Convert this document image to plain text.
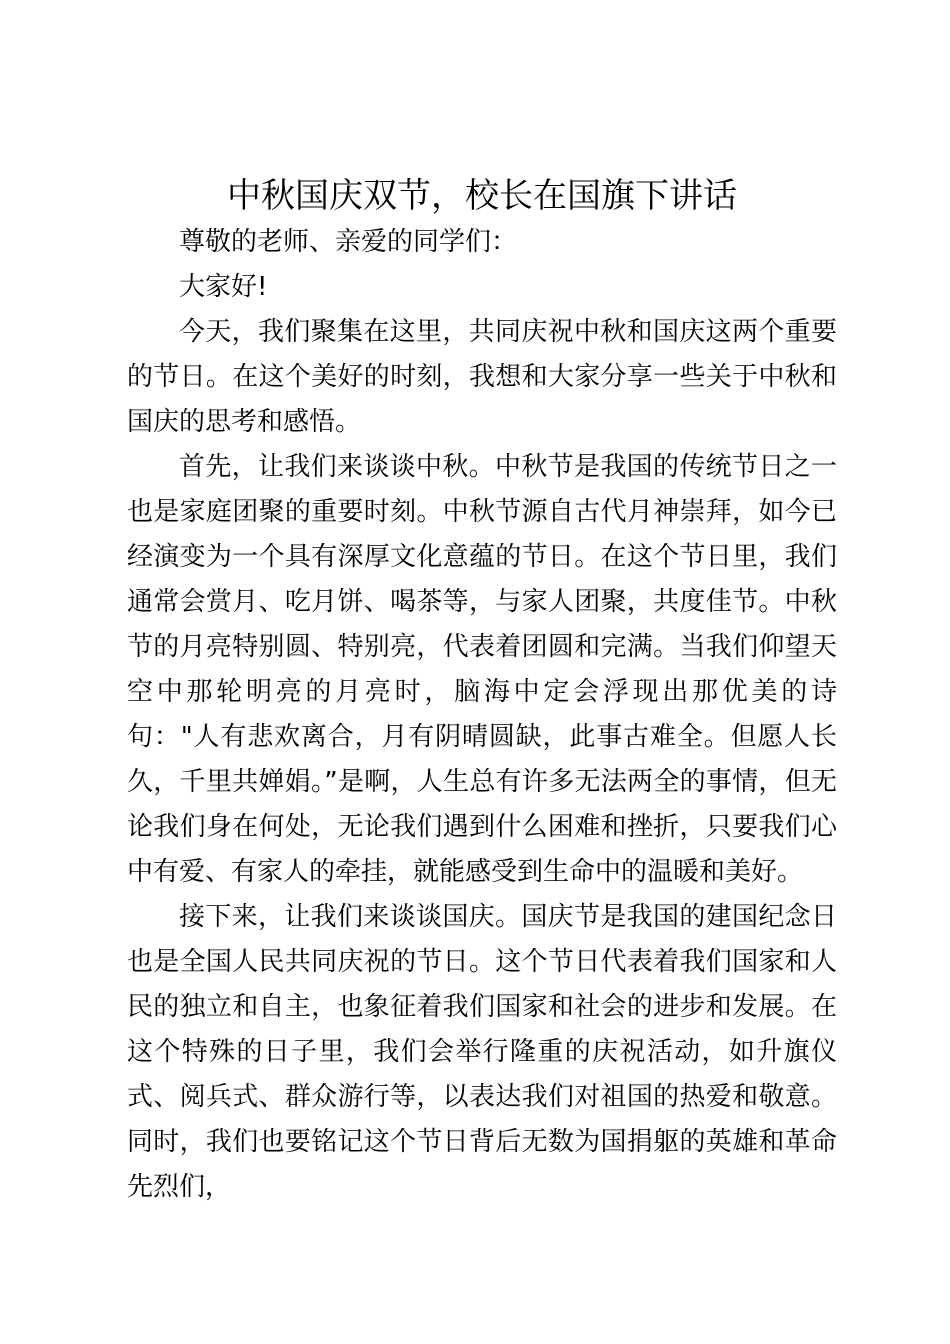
中秋国庆双节，校长在国旗下讲话

尊敬的老师、亲爱的同学们：

大家好!

今天，我们聚集在这里，共同庆祝中秋和国庆这两个重要的节日。在这个美好的时刻，我想和大家分享一些关于中秋和国庆的思考和感悟。

首先，让我们来谈谈中秋。中秋节是我国的传统节日之一也是家庭团聚的重要时刻。中秋节源自古代月神崇拜，如今已经演变为一个具有深厚文化意蕴的节日。在这个节日里，我们通常会赏月、吃月饼、喝茶等，与家人团聚，共度佳节。中秋节的月亮特别圆、特别亮，代表着团圆和完满。当我们仰望天空中那轮明亮的月亮时，脑海中定会浮现出那优美的诗句："人有悲欢离合，月有阴晴圆缺，此事古难全。但愿人长久，千里共婵娟。”是啊，人生总有许多无法两全的事情，但无论我们身在何处，无论我们遇到什么困难和挫折，只要我们心中有爱、有家人的牵挂，就能感受到生命中的温暖和美好。

接下来，让我们来谈谈国庆。国庆节是我国的建国纪念日也是全国人民共同庆祝的节日。这个节日代表着我们国家和人民的独立和自主，也象征着我们国家和社会的进步和发展。在这个特殊的日子里，我们会举行隆重的庆祝活动，如升旗仪式、阅兵式、群众游行等，以表达我们对祖国的热爱和敬意。同时，我们也要铭记这个节日背后无数为国捐躯的英雄和革命先烈们，
